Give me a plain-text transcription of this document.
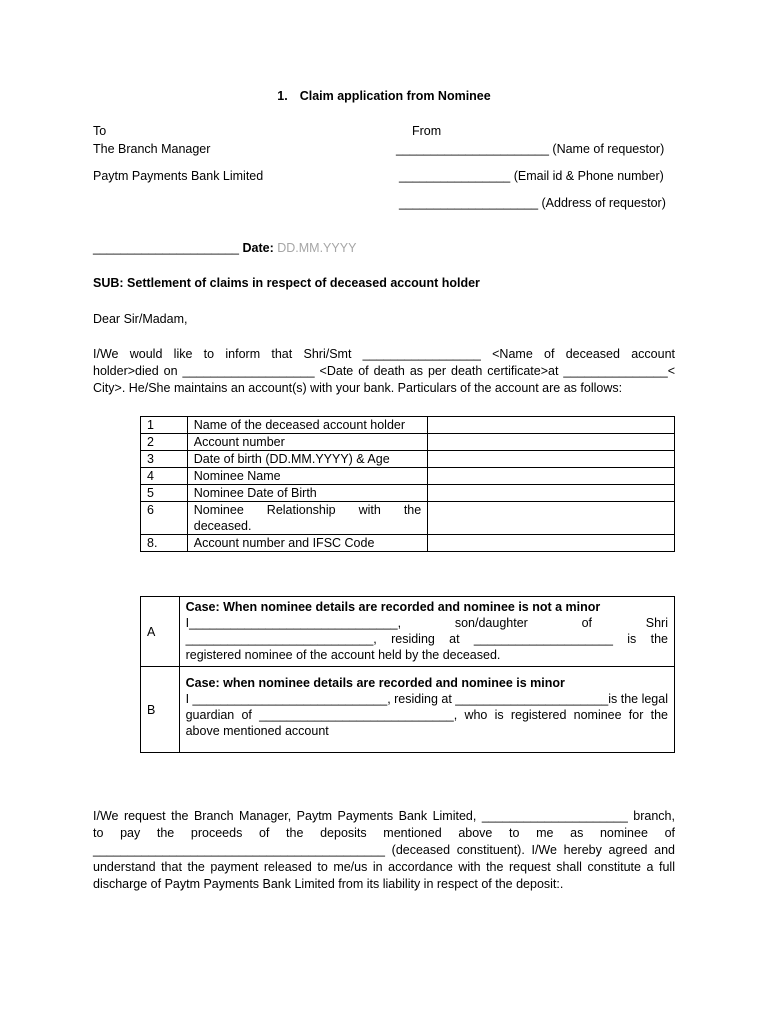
1. Claim application from Nominee
To
The Branch Manager
Paytm Payments Bank Limited
From
______________________ (Name of requestor)
________________ (Email id & Phone number)
____________________ (Address of requestor)
_____________________ Date: DD.MM.YYYY
SUB: Settlement of claims in respect of deceased account holder
Dear Sir/Madam,
I/We would like to inform that Shri/Smt _________________ <Name of deceased account
holder>died on ___________________ <Date of death as per death certificate>at _______________<
City>. He/She maintains an account(s) with your bank. Particulars of the account are as follows:
1	Name of the deceased account holder	
2	Account number	
3	Date of birth (DD.MM.YYYY) & Age	
4	Nominee Name	
5	Nominee Date of Birth	
6	Nominee Relationship with the
deceased.	

8.	Account number and IFSC Code	
A	Case: When nominee details are recorded and nominee is not a minor
I______________________________, son/daughter of Shri
___________________________, residing at ____________________ is the
registered nominee of the account held by the deceased.

B	Case: when nominee details are recorded and nominee is minor
I ____________________________, residing at ______________________is the legal
guardian of ____________________________, who is registered nominee for the
above mentioned account
I/We request the Branch Manager, Paytm Payments Bank Limited, _____________________ branch,
to pay the proceeds of the deposits mentioned above to me as nominee of
__________________________________________ (deceased constituent). I/We hereby agreed and
understand that the payment released to me/us in accordance with the request shall constitute a full
discharge of Paytm Payments Bank Limited from its liability in respect of the deposit:.
